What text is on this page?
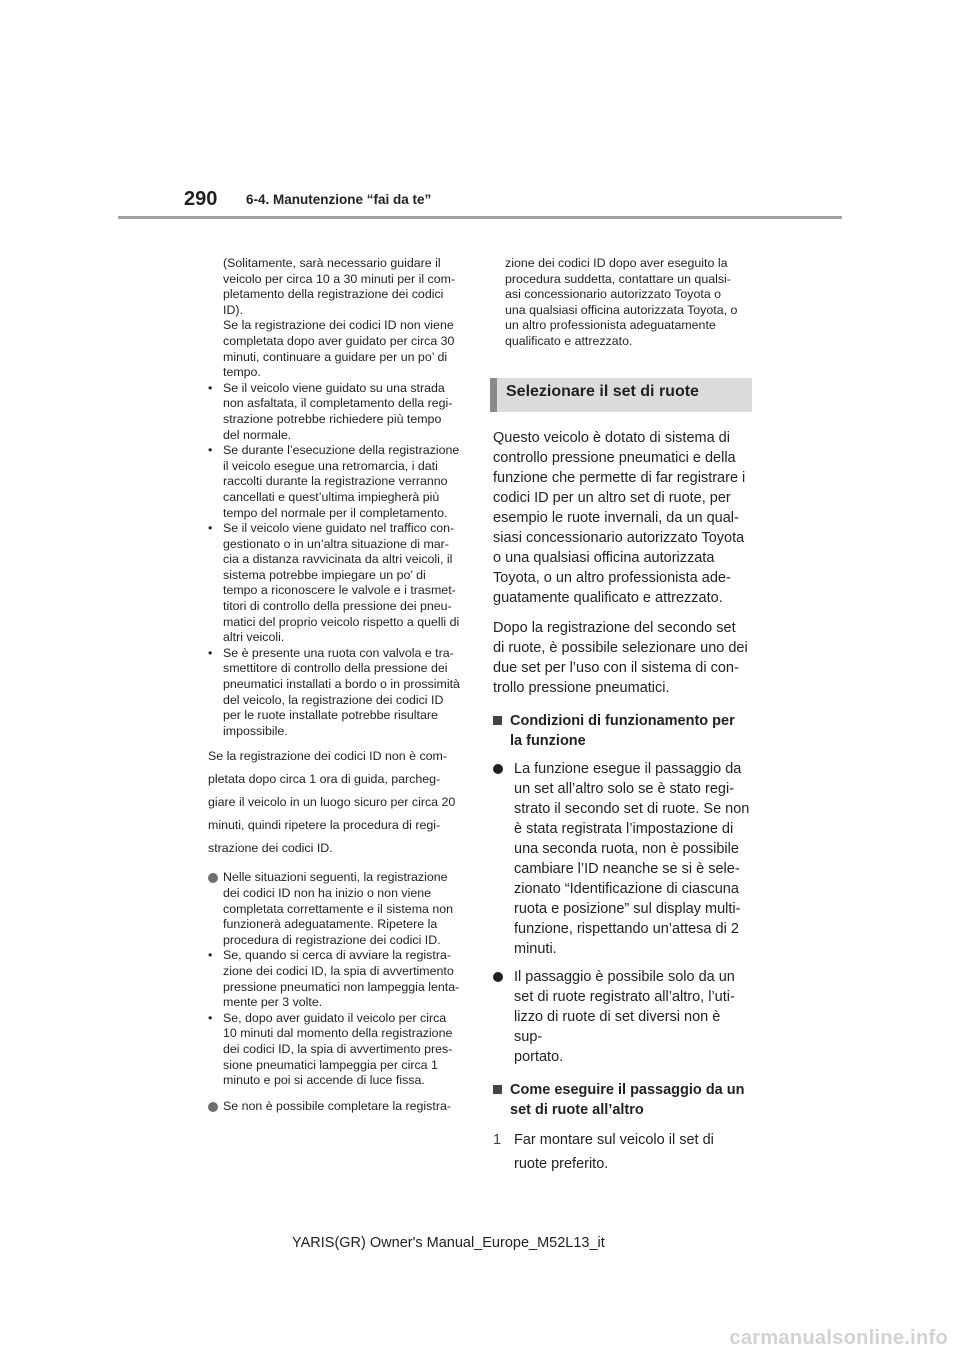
290 6-4. Manutenzione “fai da te”
(Solitamente, sarà necessario guidare il
veicolo per circa 10 a 30 minuti per il com-
pletamento della registrazione dei codici
ID).
Se la registrazione dei codici ID non viene
completata dopo aver guidato per circa 30
minuti, continuare a guidare per un po’ di
tempo.
• Se il veicolo viene guidato su una strada
non asfaltata, il completamento della regi-
strazione potrebbe richiedere più tempo
del normale.
• Se durante l’esecuzione della registrazione
il veicolo esegue una retromarcia, i dati
raccolti durante la registrazione verranno
cancellati e quest’ultima impiegherà più
tempo del normale per il completamento.
• Se il veicolo viene guidato nel traffico con-
gestionato o in un’altra situazione di mar-
cia a distanza ravvicinata da altri veicoli, il
sistema potrebbe impiegare un po’ di
tempo a riconoscere le valvole e i trasmet-
titori di controllo della pressione dei pneu-
matici del proprio veicolo rispetto a quelli di
altri veicoli.
• Se è presente una ruota con valvola e tra-
smettitore di controllo della pressione dei
pneumatici installati a bordo o in prossimità
del veicolo, la registrazione dei codici ID
per le ruote installate potrebbe risultare
impossibile.
Se la registrazione dei codici ID non è com-
pletata dopo circa 1 ora di guida, parcheg-
giare il veicolo in un luogo sicuro per circa 20
minuti, quindi ripetere la procedura di regi-
strazione dei codici ID.
Nelle situazioni seguenti, la registrazione
dei codici ID non ha inizio o non viene
completata correttamente e il sistema non
funzionerà adeguatamente. Ripetere la
procedura di registrazione dei codici ID.
• Se, quando si cerca di avviare la registra-
zione dei codici ID, la spia di avvertimento
pressione pneumatici non lampeggia lenta-
mente per 3 volte.
• Se, dopo aver guidato il veicolo per circa
10 minuti dal momento della registrazione
dei codici ID, la spia di avvertimento pres-
sione pneumatici lampeggia per circa 1
minuto e poi si accende di luce fissa.
Se non è possibile completare la registra-
zione dei codici ID dopo aver eseguito la
procedura suddetta, contattare un qualsi-
asi concessionario autorizzato Toyota o
una qualsiasi officina autorizzata Toyota, o
un altro professionista adeguatamente
qualificato e attrezzato.
Selezionare il set di ruote
Questo veicolo è dotato di sistema di
controllo pressione pneumatici e della
funzione che permette di far registrare i
codici ID per un altro set di ruote, per
esempio le ruote invernali, da un qual-
siasi concessionario autorizzato Toyota
o una qualsiasi officina autorizzata
Toyota, o un altro professionista ade-
guatamente qualificato e attrezzato.
Dopo la registrazione del secondo set
di ruote, è possibile selezionare uno dei
due set per l’uso con il sistema di con-
trollo pressione pneumatici.
Condizioni di funzionamento per
la funzione
La funzione esegue il passaggio da
un set all’altro solo se è stato regi-
strato il secondo set di ruote. Se non
è stata registrata l’impostazione di
una seconda ruota, non è possibile
cambiare l’ID neanche se si è sele-
zionato “Identificazione di ciascuna
ruota e posizione” sul display multi-
funzione, rispettando un’attesa di 2
minuti.
Il passaggio è possibile solo da un
set di ruote registrato all’altro, l’uti-
lizzo di ruote di set diversi non è sup-
portato.
Come eseguire il passaggio da un
set di ruote all’altro
1 Far montare sul veicolo il set di
ruote preferito.
YARIS(GR) Owner's Manual_Europe_M52L13_it
carmanualsonline.info
